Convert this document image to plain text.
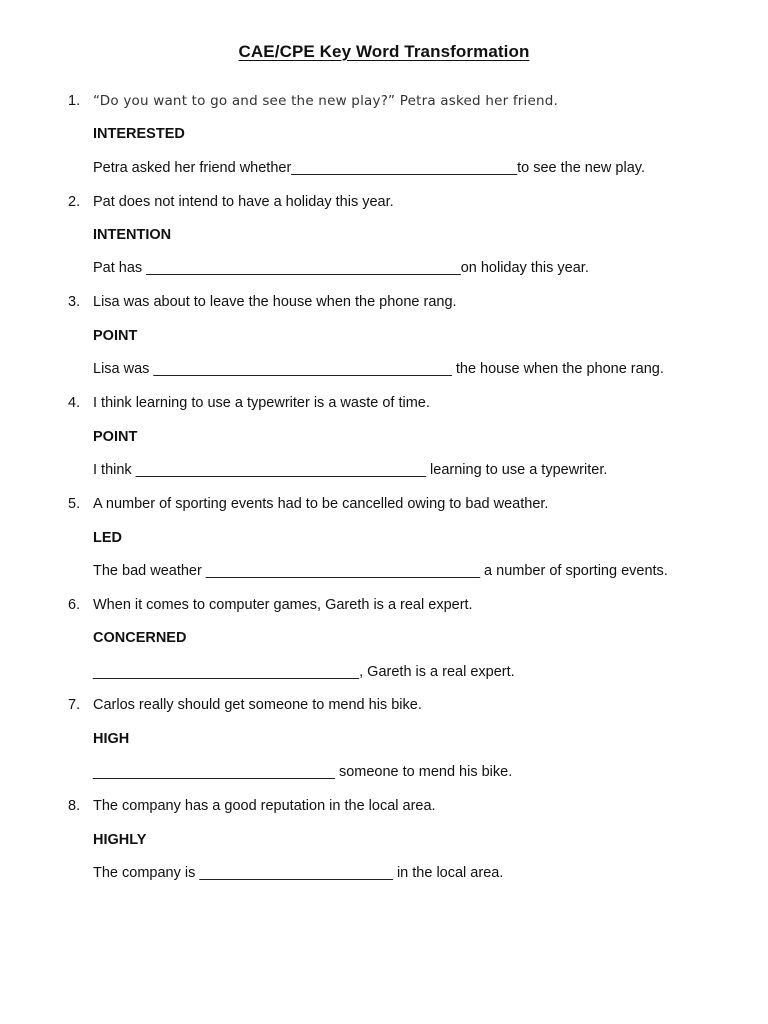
CAE/CPE Key Word Transformation
1. “Do you want to go and see the new play?” Petra asked her friend.
INTERESTED
Petra asked her friend whether____________________________to see the new play.
2. Pat does not intend to have a holiday this year.
INTENTION
Pat has _______________________________________on holiday this year.
3. Lisa was about to leave the house when the phone rang.
POINT
Lisa was _____________________________________ the house when the phone rang.
4. I think learning to use a typewriter is a waste of time.
POINT
I think ____________________________________ learning to use a typewriter.
5. A number of sporting events had to be cancelled owing to bad weather.
LED
The bad weather __________________________________ a number of sporting events.
6. When it comes to computer games, Gareth is a real expert.
CONCERNED
_________________________________, Gareth is a real expert.
7. Carlos really should get someone to mend his bike.
HIGH
______________________________ someone to mend his bike.
8. The company has a good reputation in the local area.
HIGHLY
The company is ________________________ in the local area.
